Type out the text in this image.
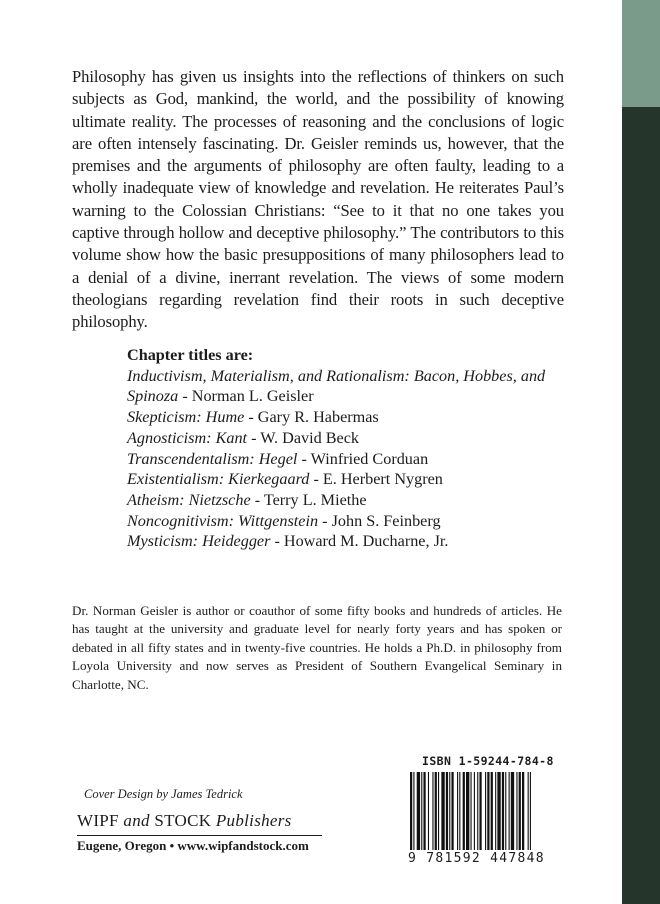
Philosophy has given us insights into the reflections of thinkers on such subjects as God, mankind, the world, and the possibility of knowing ultimate reality. The processes of reasoning and the conclusions of logic are often intensely fascinating. Dr. Geisler reminds us, however, that the premises and the arguments of philosophy are often faulty, leading to a wholly inadequate view of knowledge and revelation. He reiterates Paul’s warning to the Colossian Christians: “See to it that no one takes you captive through hollow and deceptive philosophy.” The contributors to this volume show how the basic presuppositions of many philosophers lead to a denial of a divine, inerrant revelation. The views of some modern theologians regarding revelation find their roots in such deceptive philosophy.

Chapter titles are:
Inductivism, Materialism, and Rationalism: Bacon, Hobbes, and
Spinoza - Norman L. Geisler
Skepticism: Hume - Gary R. Habermas
Agnosticism: Kant - W. David Beck
Transcendentalism: Hegel - Winfried Corduan
Existentialism: Kierkegaard - E. Herbert Nygren
Atheism: Nietzsche - Terry L. Miethe
Noncognitivism: Wittgenstein - John S. Feinberg
Mysticism: Heidegger - Howard M. Ducharne, Jr.

Dr. Norman Geisler is author or coauthor of some fifty books and hundreds of articles. He has taught at the university and graduate level for nearly forty years and has spoken or debated in all fifty states and in twenty-five countries. He holds a Ph.D. in philosophy from Loyola University and now serves as President of Southern Evangelical Seminary in Charlotte, NC.

Cover Design by James Tedrick
WIPF and STOCK Publishers
Eugene, Oregon • www.wipfandstock.com
ISBN 1-59244-784-8
9 781592 447848
